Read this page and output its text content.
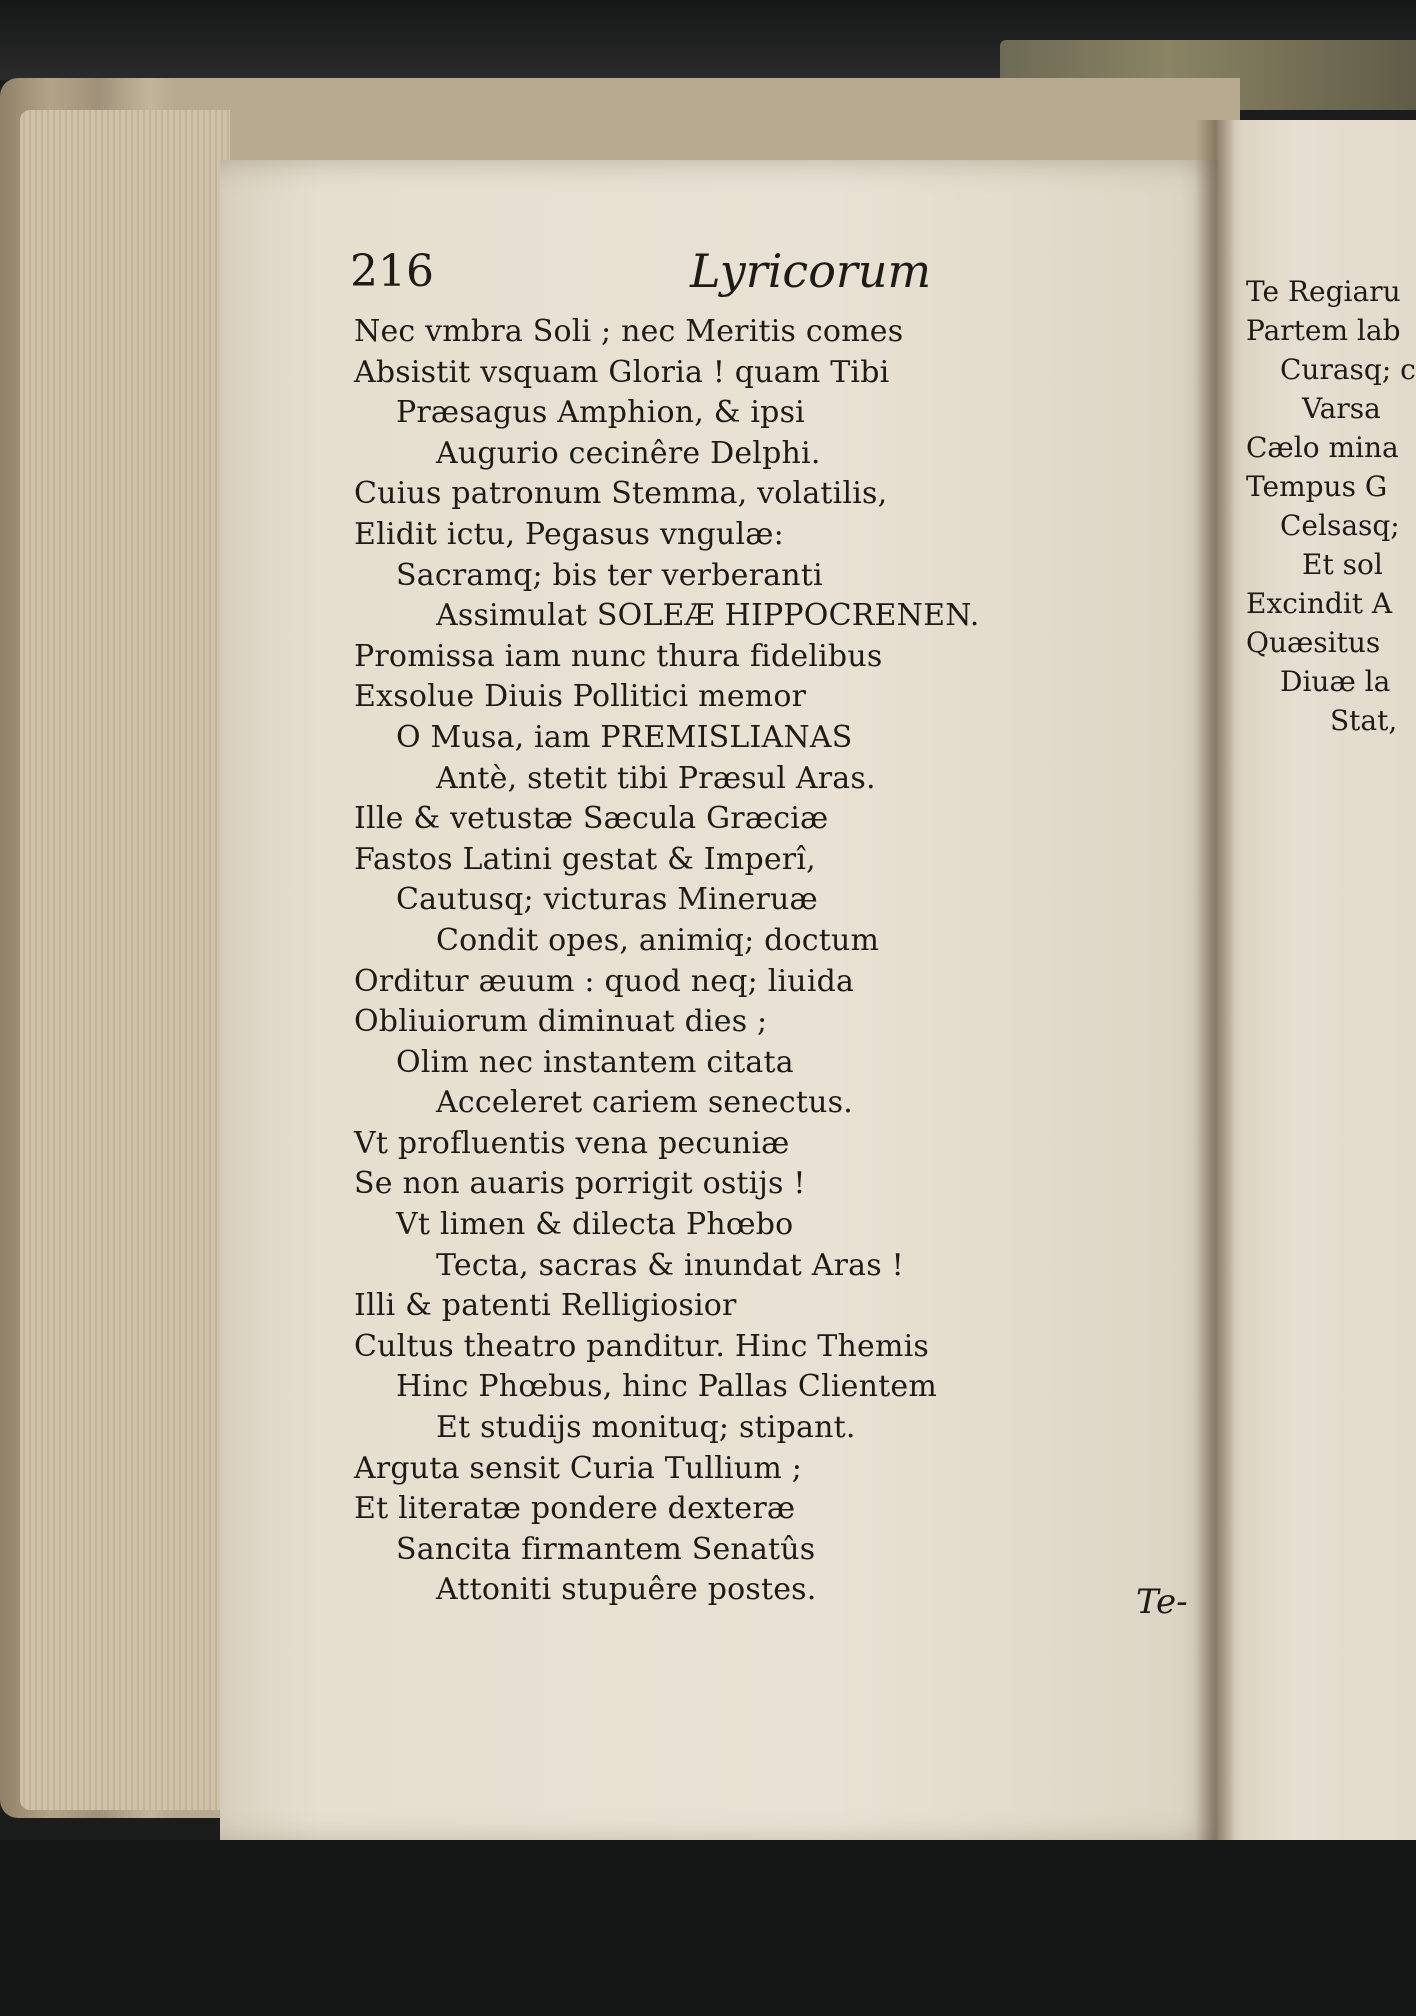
216	Lyricorum
Nec vmbra Soli ; nec Meritis comes
Absistit vsquam Gloria ! quam Tibi
Præsagus Amphion, & ipsi
Augurio cecinêre Delphi.
Cuius patronum Stemma, volatilis,
Elidit ictu, Pegasus vngulæ:
Sacramq; bis ter verberanti
Assimulat SOLEÆ HIPPOCRENEN.
Promissa iam nunc thura fidelibus
Exsolue Diuis Pollitici memor
O Musa, iam PREMISLIANAS
Antè, stetit tibi Præsul Aras.
Ille & vetustæ Sæcula Græciæ
Fastos Latini gestat & Imperî,
Cautusq; victuras Mineruæ
Condit opes, animiq; doctum
Orditur æuum : quod neq; liuida
Obliuiorum diminuat dies ;
Olim nec instantem citata
Acceleret cariem senectus.
Vt profluentis vena pecuniæ
Se non auaris porrigit ostijs !
Vt limen & dilecta Phœbo
Tecta, sacras & inundat Aras !
Illi & patenti Relligiosior
Cultus theatro panditur. Hinc Themis
Hinc Phœbus, hinc Pallas Clientem
Et studijs monituq; stipant.
Arguta sensit Curia Tullium ;
Et literatæ pondere dexteræ
Sancita firmantem Senatûs
Attoniti stupuêre postes.	Te-
Te Regiaru
Partem lab
Curasq; c
Varsa
Cælo mina
Tempus G
Celsasq;
Et sol
Excindit A
Quæsitus
Diuæ la
Stat,
